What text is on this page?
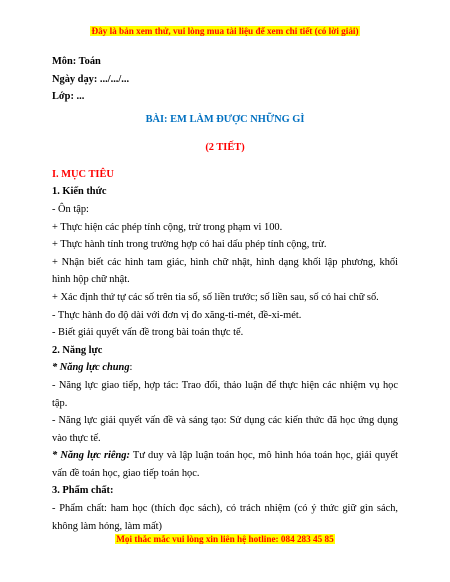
Đây là bản xem thử, vui lòng mua tài liệu để xem chi tiết (có lời giải)

Môn: Toán

Ngày dạy: .../.../...

Lớp: ...

BÀI: EM LÀM ĐƯỢC NHỮNG GÌ

(2 TIẾT)

I. MỤC TIÊU

1. Kiến thức

- Ôn tập:

+ Thực hiện các phép tính cộng, trừ trong phạm vi 100.

+ Thực hành tính trong trường hợp có hai dấu phép tính cộng, trừ.

+ Nhận biết các hình tam giác, hình chữ nhật, hình dạng khối lập phương, khối hình hộp chữ nhật.

+ Xác định thứ tự các số trên tia số, số liền trước; số liền sau, số có hai chữ số.

- Thực hành đo độ dài với đơn vị đo xăng-ti-mét, đề-xi-mét.

- Biết giải quyết vấn đề trong bài toán thực tế.

2. Năng lực

* Năng lực chung:

- Năng lực giao tiếp, hợp tác: Trao đổi, thảo luận để thực hiện các nhiệm vụ học tập.

- Năng lực giải quyết vấn đề và sáng tạo: Sử dụng các kiến thức đã học ứng dụng vào thực tế.

* Năng lực riêng: Tư duy và lập luận toán học, mô hình hóa toán học, giải quyết vấn đề toán học, giao tiếp toán học.

3. Phẩm chất:

- Phẩm chất: ham học (thích đọc sách), có trách nhiệm (có ý thức giữ gìn sách, không làm hỏng, làm mất)

Mọi thắc mắc vui lòng xin liên hệ hotline: 084 283 45 85
